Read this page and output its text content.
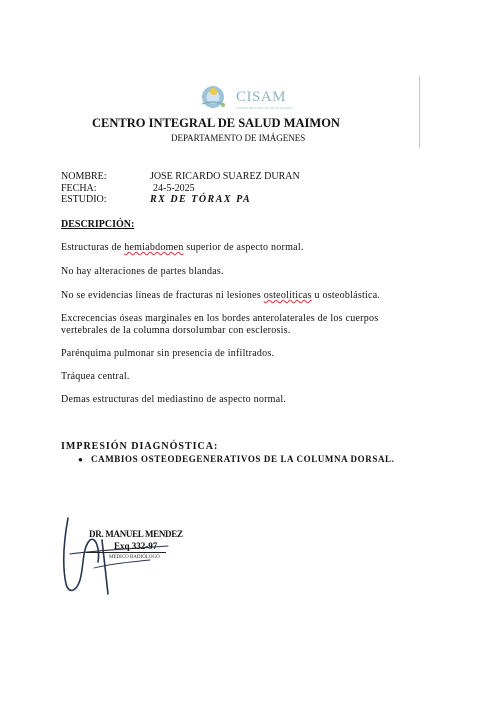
CISAM
CENTRO INTEGRAL DE SALUD MAIMON
CENTRO INTEGRAL DE SALUD MAIMON
DEPARTAMENTO DE IMÁGENES
NOMBRE:	JOSE RICARDO SUAREZ DURAN
FECHA:	24-5-2025
ESTUDIO:	RX DE TÓRAX PA
DESCRIPCIÓN:
Estructuras de hemiabdomen superior de aspecto normal.
No hay alteraciones de partes blandas.
No se evidencias líneas de fracturas ni lesiones osteolíticas u osteoblástica.
Excrecencias óseas marginales en los bordes anterolaterales de los cuerpos vertebrales de la columna dorsolumbar con esclerosis.
Parénquima pulmonar sin presencia de infiltrados.
Tráquea central.
Demas estructuras del mediastino de aspecto normal.
IMPRESIÓN DIAGNÓSTICA:
● CAMBIOS OSTEODEGENERATIVOS DE LA COLUMNA DORSAL.
DR. MANUEL MENDEZ
Exq 332-97
MÉDICO RADIÓLOGO
